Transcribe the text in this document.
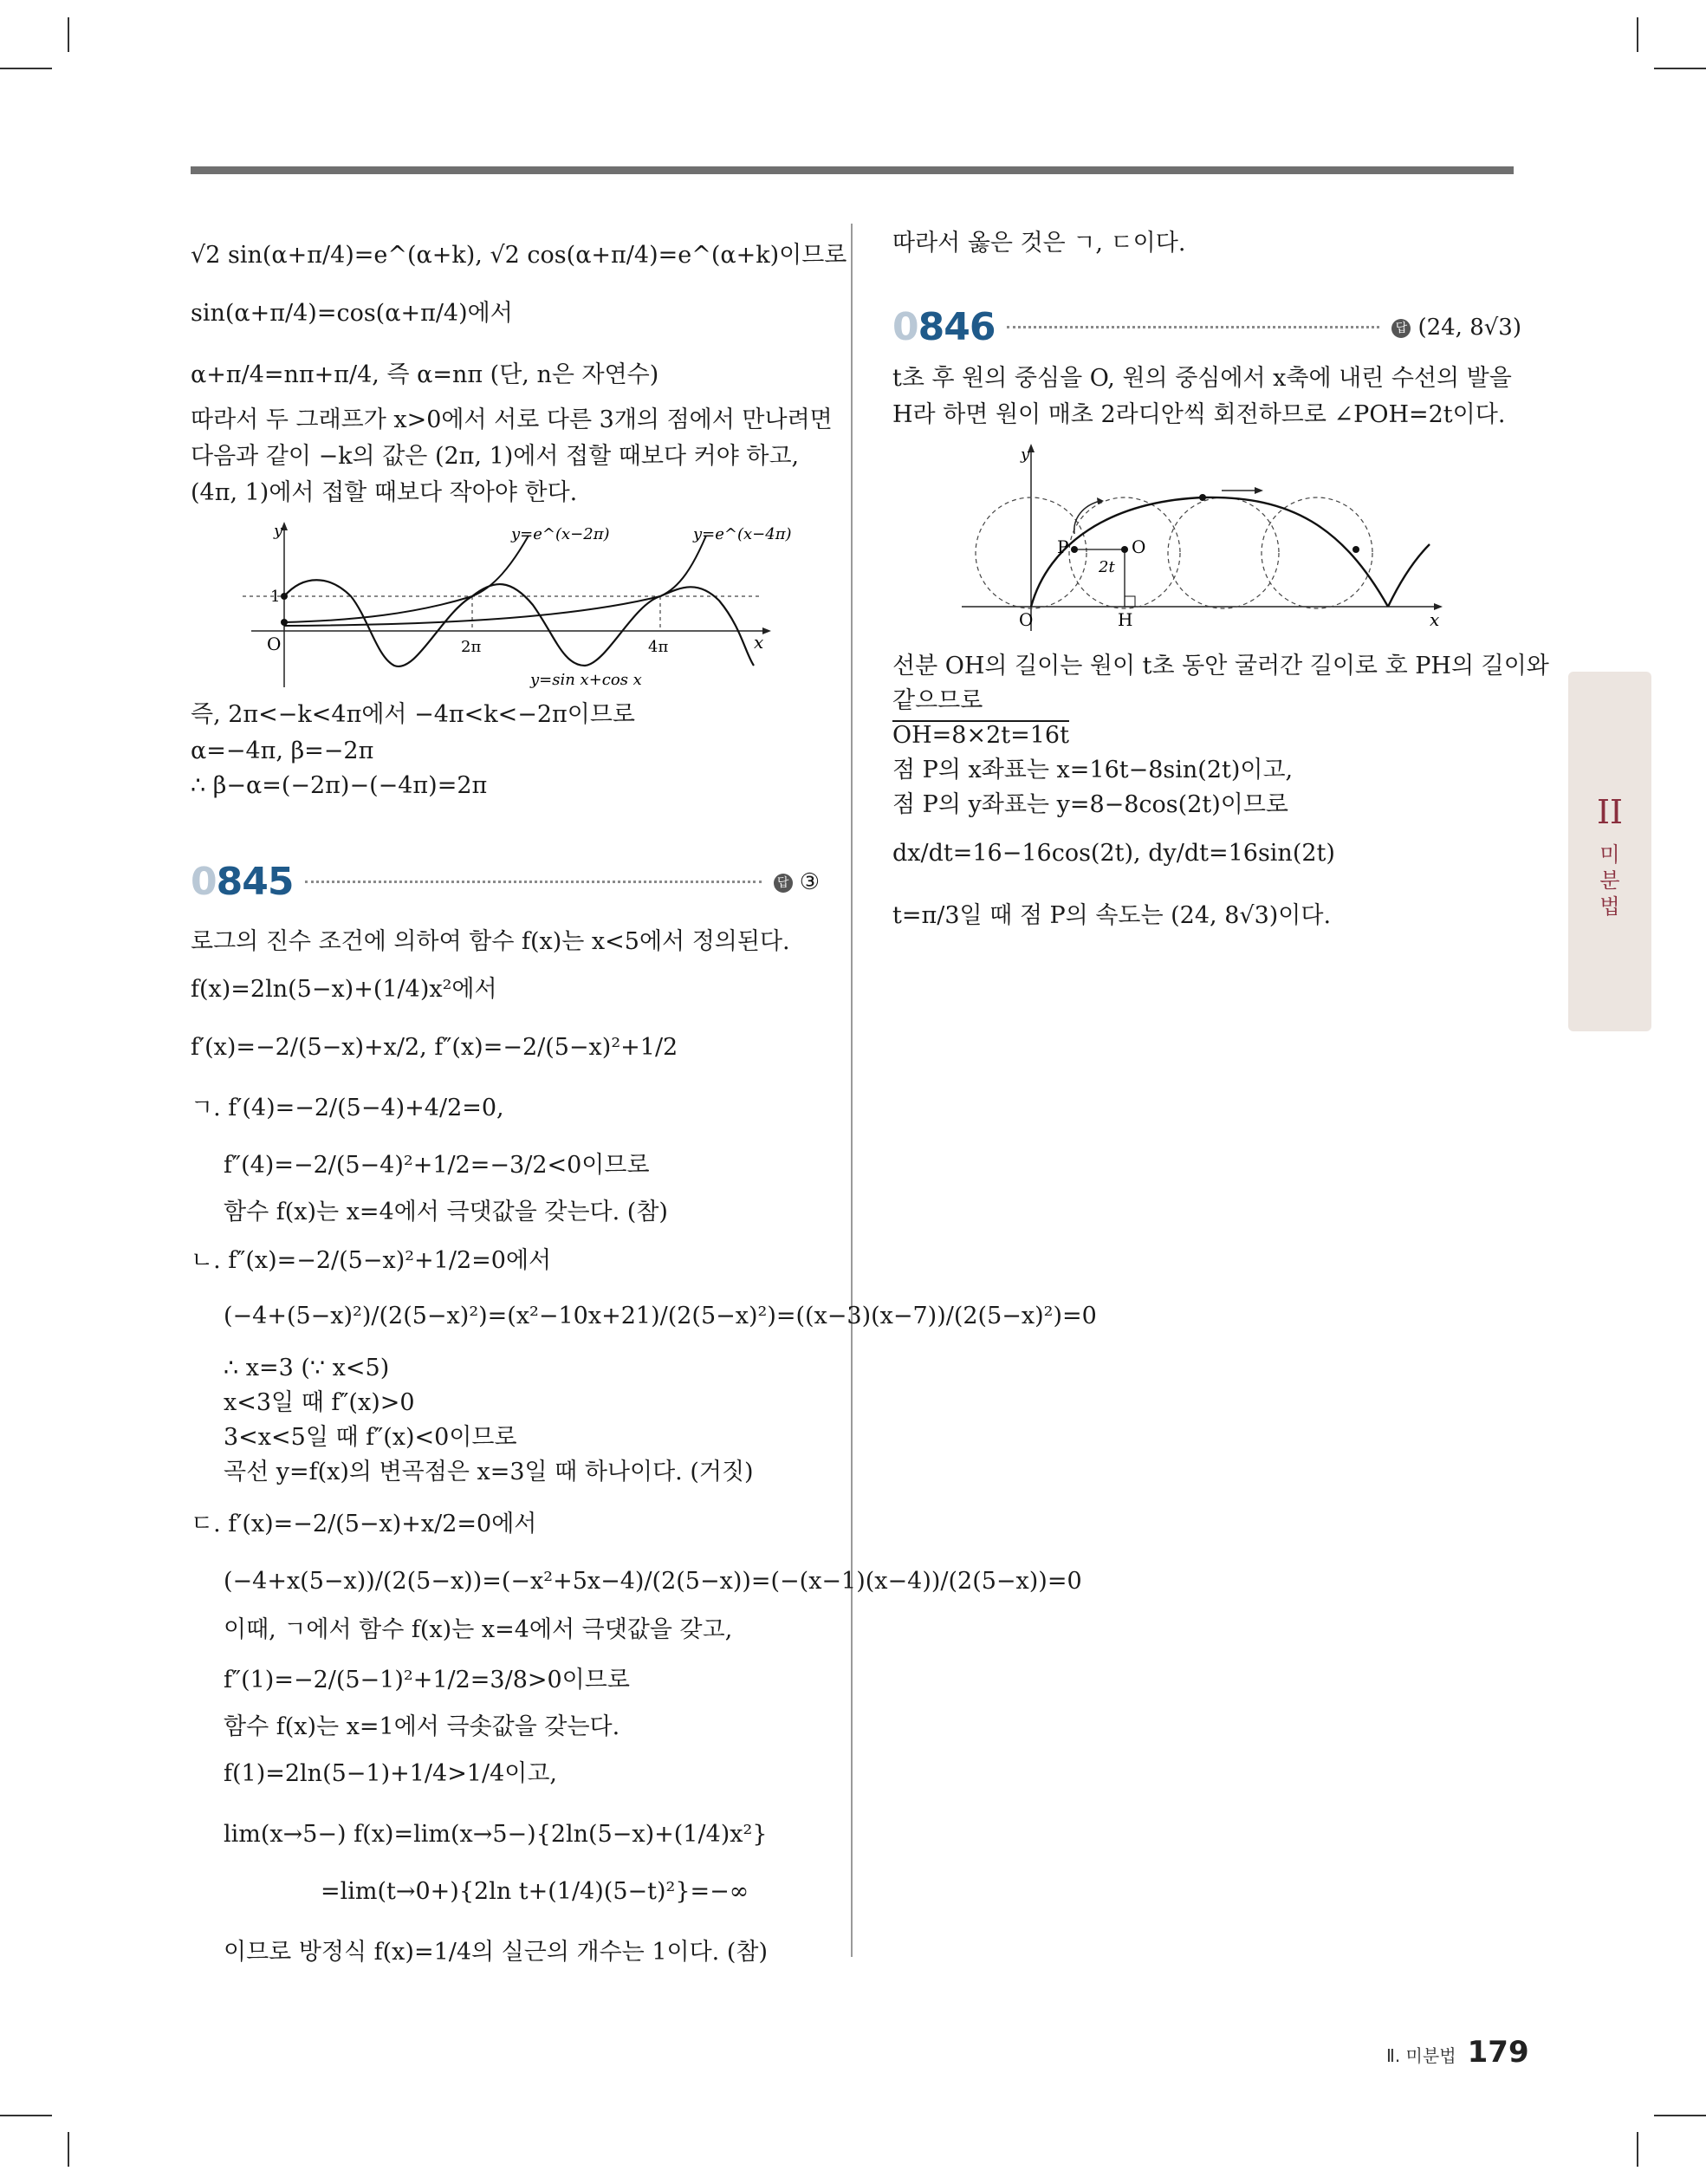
√2 sin(α+π/4)=e^(α+k), √2 cos(α+π/4)=e^(α+k)이므로
sin(α+π/4)=cos(α+π/4)에서
α+π/4=nπ+π/4, 즉 α=nπ (단, n은 자연수)
따라서 두 그래프가 x>0에서 서로 다른 3개의 점에서 만나려면
다음과 같이 −k의 값은 (2π, 1)에서 접할 때보다 커야 하고,
(4π, 1)에서 접할 때보다 작아야 한다.
y
x
O
1
2π	4π
y=e^(x−2π)	y=e^(x−4π)
y=sin x+cos x
즉, 2π<−k<4π에서 −4π<k<−2π이므로
α=−4π, β=−2π
∴ β−α=(−2π)−(−4π)=2π
0845	답 ③
로그의 진수 조건에 의하여 함수 f(x)는 x<5에서 정의된다.
f(x)=2ln(5−x)+(1/4)x²에서
f′(x)=−2/(5−x)+x/2, f″(x)=−2/(5−x)²+1/2
ㄱ. f′(4)=−2/(5−4)+4/2=0,
f″(4)=−2/(5−4)²+1/2=−3/2<0이므로
함수 f(x)는 x=4에서 극댓값을 갖는다. (참)
ㄴ. f″(x)=−2/(5−x)²+1/2=0에서
(−4+(5−x)²)/(2(5−x)²)=(x²−10x+21)/(2(5−x)²)=((x−3)(x−7))/(2(5−x)²)=0
∴ x=3 (∵ x<5)
x<3일 때 f″(x)>0
3<x<5일 때 f″(x)<0이므로
곡선 y=f(x)의 변곡점은 x=3일 때 하나이다. (거짓)
ㄷ. f′(x)=−2/(5−x)+x/2=0에서
(−4+x(5−x))/(2(5−x))=(−x²+5x−4)/(2(5−x))=(−(x−1)(x−4))/(2(5−x))=0
이때, ㄱ에서 함수 f(x)는 x=4에서 극댓값을 갖고,
f″(1)=−2/(5−1)²+1/2=3/8>0이므로
함수 f(x)는 x=1에서 극솟값을 갖는다.
f(1)=2ln(5−1)+1/4>1/4이고,
lim(x→5−) f(x)=lim(x→5−){2ln(5−x)+(1/4)x²}
=lim(t→0+){2ln t+(1/4)(5−t)²}=−∞
이므로 방정식 f(x)=1/4의 실근의 개수는 1이다. (참)
따라서 옳은 것은 ㄱ, ㄷ이다.
0846	답 (24, 8√3)
t초 후 원의 중심을 O, 원의 중심에서 x축에 내린 수선의 발을
H라 하면 원이 매초 2라디안씩 회전하므로 ∠POH=2t이다.
y
x
O
P	O
H
2t
선분 OH의 길이는 원이 t초 동안 굴러간 길이로 호 PH의 길이와
같으므로
OH=8×2t=16t
점 P의 x좌표는 x=16t−8sin(2t)이고,
점 P의 y좌표는 y=8−8cos(2t)이므로
dx/dt=16−16cos(2t), dy/dt=16sin(2t)
t=π/3일 때 점 P의 속도는 (24, 8√3)이다.
II
미
분
법
Ⅱ. 미분법 179
